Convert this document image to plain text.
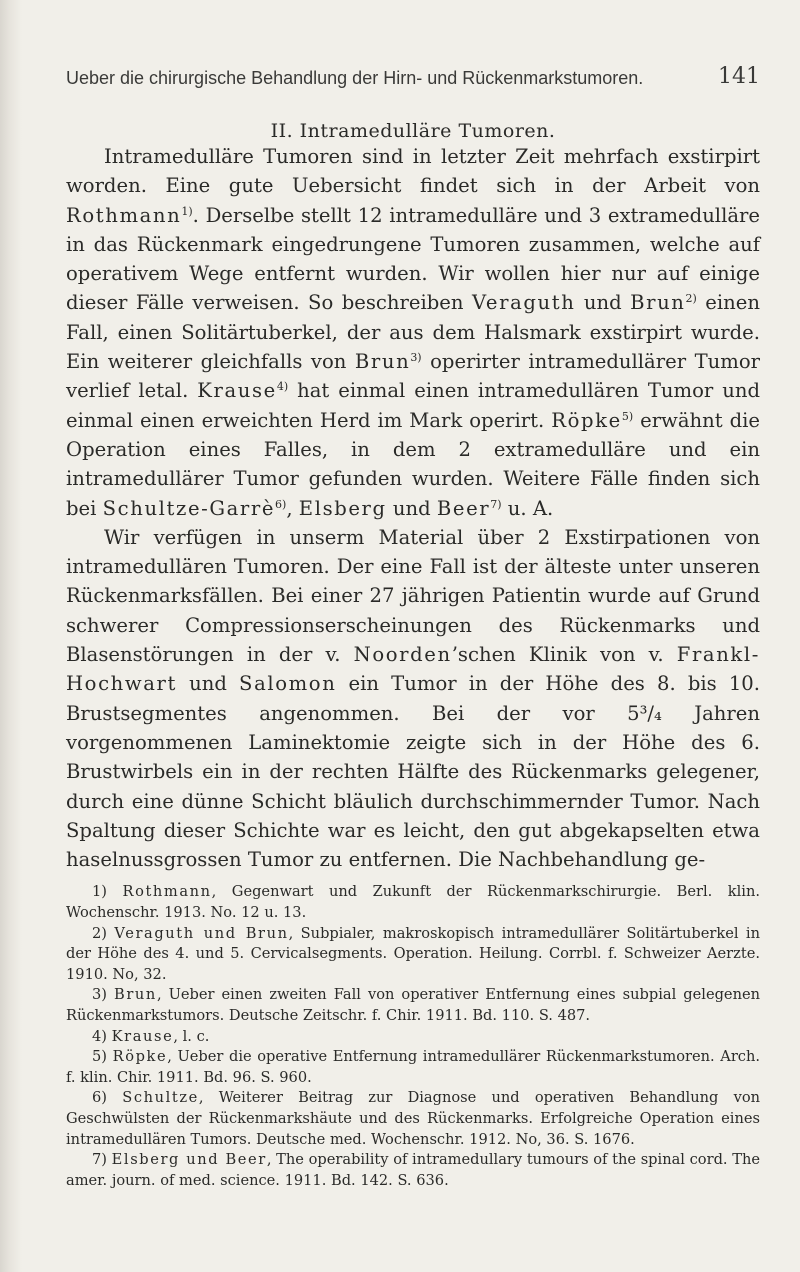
Ueber die chirurgische Behandlung der Hirn- und Rückenmarkstumoren.	141
II. Intramedulläre Tumoren.

Intramedulläre Tumoren sind in letzter Zeit mehrfach exstirpirt worden. Eine gute Uebersicht findet sich in der Arbeit von Rothmann$^{1)}$. Derselbe stellt 12 intramedulläre und 3 extramedulläre in das Rückenmark eingedrungene Tumoren zusammen, welche auf operativem Wege entfernt wurden. Wir wollen hier nur auf einige dieser Fälle verweisen. So beschreiben Veraguth und Brun$^{2)}$ einen Fall, einen Solitärtuberkel, der aus dem Halsmark exstirpirt wurde. Ein weiterer gleichfalls von Brun$^{3)}$ operirter intramedullärer Tumor verlief letal. Krause$^{4)}$ hat einmal einen intramedullären Tumor und einmal einen erweichten Herd im Mark operirt. Röpke$^{5)}$ erwähnt die Operation eines Falles, in dem 2 extramedulläre und ein intramedullärer Tumor gefunden wurden. Weitere Fälle finden sich bei Schultze-Garrè$^{6)}$, Elsberg und Beer$^{7)}$ u. A.

Wir verfügen in unserm Material über 2 Exstirpationen von intramedullären Tumoren. Der eine Fall ist der älteste unter unseren Rückenmarksfällen. Bei einer 27 jährigen Patientin wurde auf Grund schwerer Compressionserscheinungen des Rückenmarks und Blasenstörungen in der v. Noorden’schen Klinik von v. Frankl-Hochwart und Salomon ein Tumor in der Höhe des 8. bis 10. Brustsegmentes angenommen. Bei der vor 5³/₄ Jahren vorgenommenen Laminektomie zeigte sich in der Höhe des 6. Brustwirbels ein in der rechten Hälfte des Rückenmarks gelegener, durch eine dünne Schicht bläulich durchschimmernder Tumor. Nach Spaltung dieser Schichte war es leicht, den gut abgekapselten etwa haselnussgrossen Tumor zu entfernen. Die Nachbehandlung ge-

1) Rothmann, Gegenwart und Zukunft der Rückenmarkschirurgie. Berl. klin. Wochenschr. 1913. No. 12 u. 13.

2) Veraguth und Brun, Subpialer, makroskopisch intramedullärer Solitärtuberkel in der Höhe des 4. und 5. Cervicalsegments. Operation. Heilung. Corrbl. f. Schweizer Aerzte. 1910. No, 32.

3) Brun, Ueber einen zweiten Fall von operativer Entfernung eines subpial gelegenen Rückenmarkstumors. Deutsche Zeitschr. f. Chir. 1911. Bd. 110. S. 487.

4) Krause, l. c.

5) Röpke, Ueber die operative Entfernung intramedullärer Rückenmarkstumoren. Arch. f. klin. Chir. 1911. Bd. 96. S. 960.

6) Schultze, Weiterer Beitrag zur Diagnose und operativen Behandlung von Geschwülsten der Rückenmarkshäute und des Rückenmarks. Erfolgreiche Operation eines intramedullären Tumors. Deutsche med. Wochenschr. 1912. No, 36. S. 1676.

7) Elsberg und Beer, The operability of intramedullary tumours of the spinal cord. The amer. journ. of med. science. 1911. Bd. 142. S. 636.
